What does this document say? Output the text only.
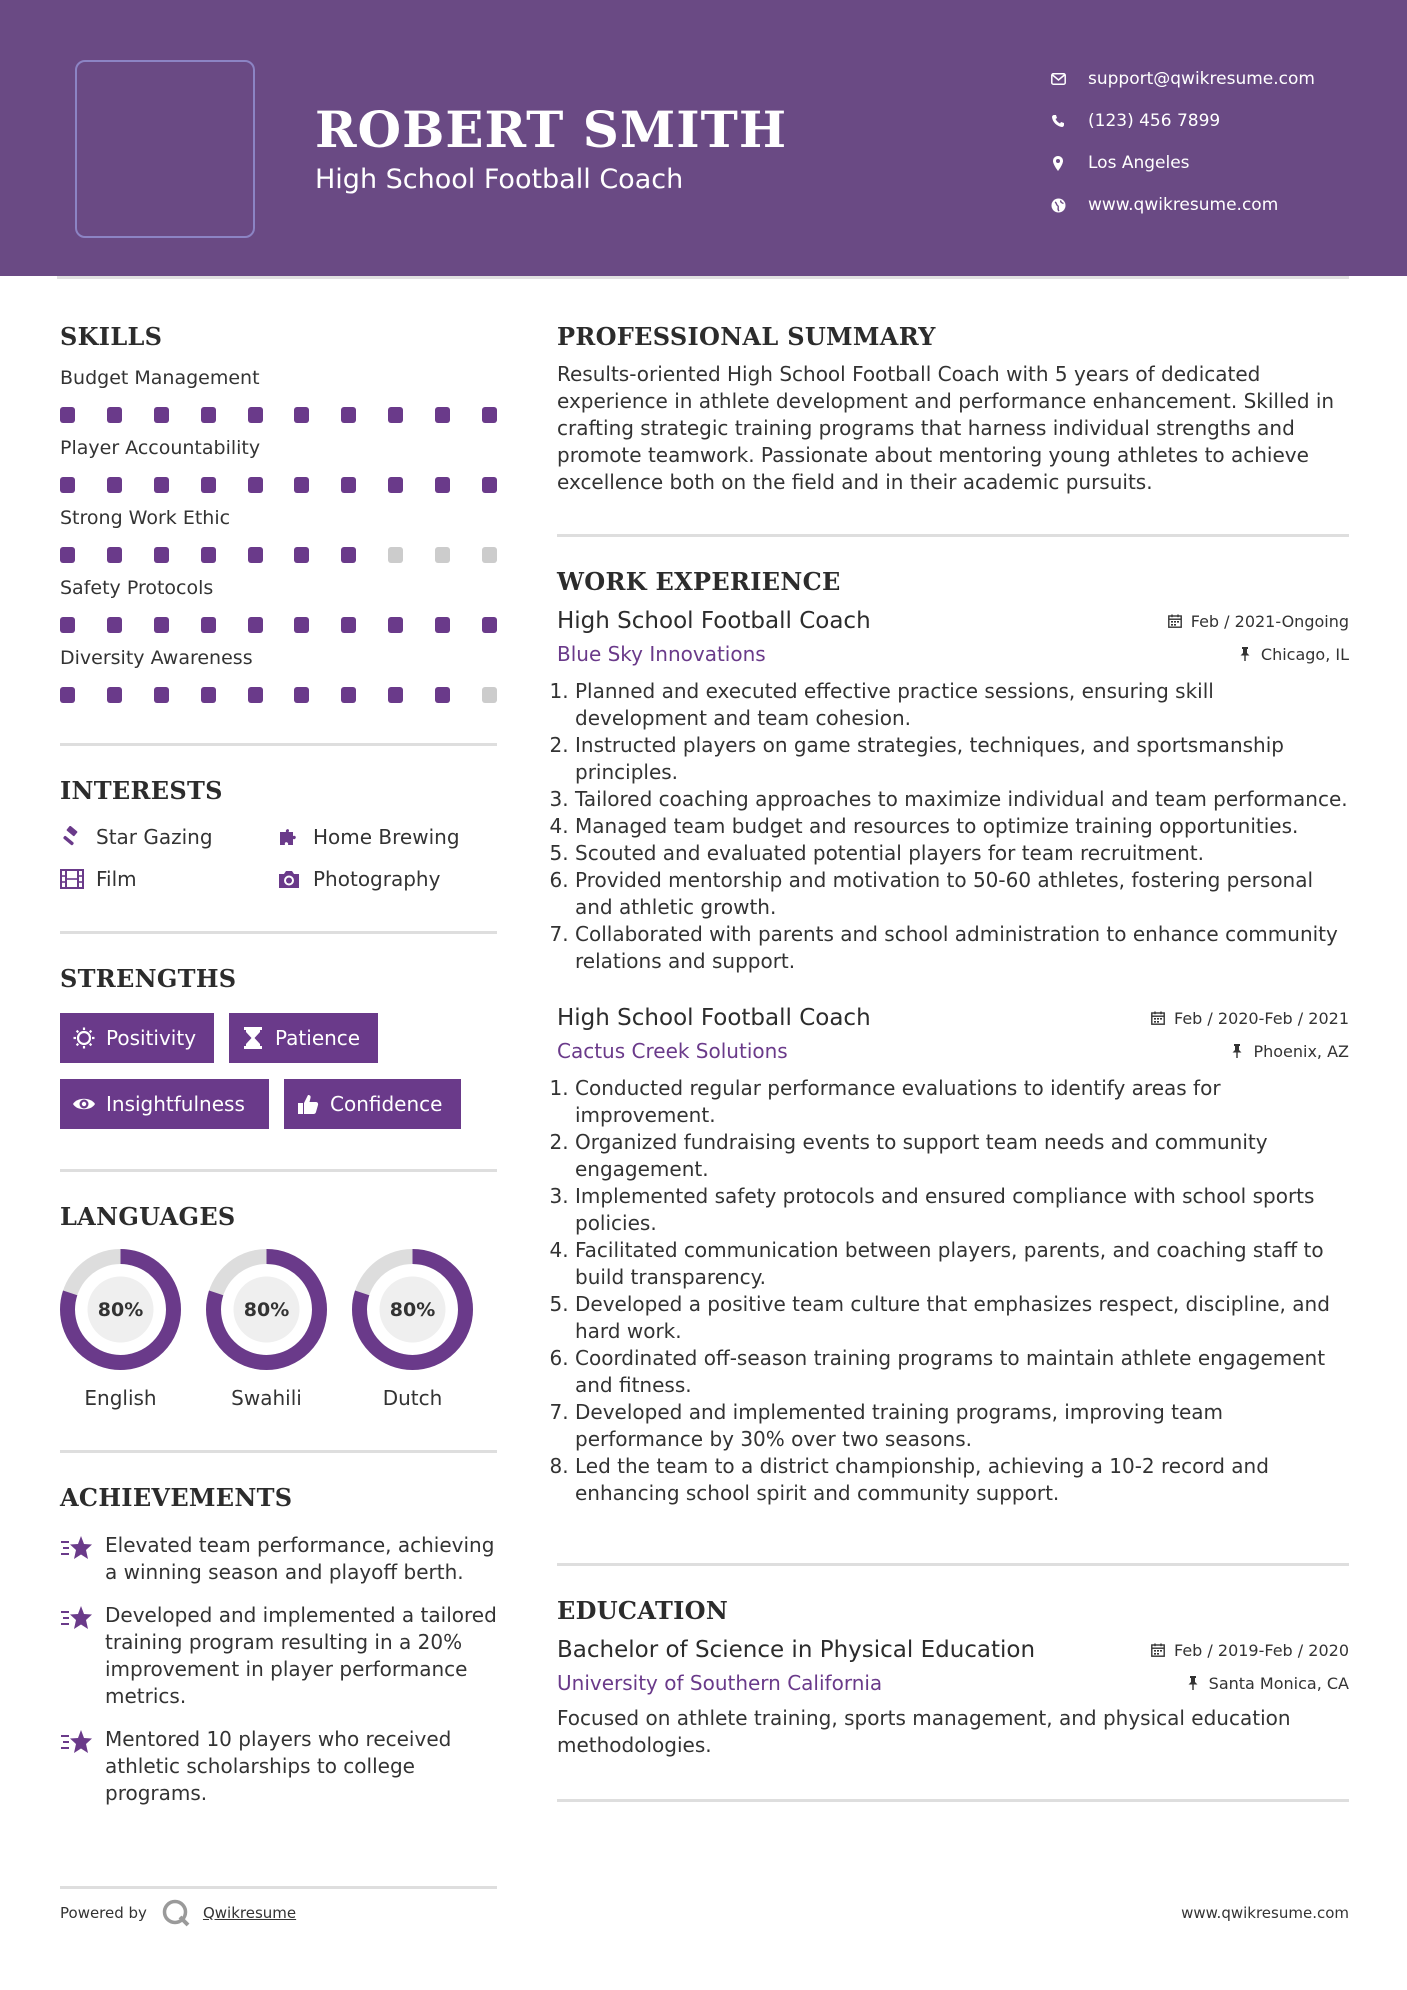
ROBERT SMITH
High School Football Coach
support@qwikresume.com
(123) 456 7899
Los Angeles
www.qwikresume.com
SKILLS
Budget Management
Player Accountability
Strong Work Ethic
Safety Protocols
Diversity Awareness
INTERESTS
Star Gazing	Home Brewing
Film	Photography
STRENGTHS
Positivity	Patience
Insightfulness	Confidence
LANGUAGES
80%
English
80%
Swahili
80%
Dutch
ACHIEVEMENTS
Elevated team performance, achieving a winning season and playoff berth.
Developed and implemented a tailored training program resulting in a 20% improvement in player performance metrics.
Mentored 10 players who received athletic scholarships to college programs.
PROFESSIONAL SUMMARY
Results-oriented High School Football Coach with 5 years of dedicated experience in athlete development and performance enhancement. Skilled in crafting strategic training programs that harness individual strengths and promote teamwork. Passionate about mentoring young athletes to achieve excellence both on the field and in their academic pursuits.
WORK EXPERIENCE
High School Football Coach	Feb / 2021-Ongoing
Blue Sky Innovations	Chicago, IL
1. Planned and executed effective practice sessions, ensuring skill development and team cohesion.
2. Instructed players on game strategies, techniques, and sportsmanship principles.
3. Tailored coaching approaches to maximize individual and team performance.
4. Managed team budget and resources to optimize training opportunities.
5. Scouted and evaluated potential players for team recruitment.
6. Provided mentorship and motivation to 50-60 athletes, fostering personal and athletic growth.
7. Collaborated with parents and school administration to enhance community relations and support.
High School Football Coach	Feb / 2020-Feb / 2021
Cactus Creek Solutions	Phoenix, AZ
1. Conducted regular performance evaluations to identify areas for improvement.
2. Organized fundraising events to support team needs and community engagement.
3. Implemented safety protocols and ensured compliance with school sports policies.
4. Facilitated communication between players, parents, and coaching staff to build transparency.
5. Developed a positive team culture that emphasizes respect, discipline, and hard work.
6. Coordinated off-season training programs to maintain athlete engagement and fitness.
7. Developed and implemented training programs, improving team performance by 30% over two seasons.
8. Led the team to a district championship, achieving a 10-2 record and enhancing school spirit and community support.
EDUCATION
Bachelor of Science in Physical Education	Feb / 2019-Feb / 2020
University of Southern California	Santa Monica, CA
Focused on athlete training, sports management, and physical education methodologies.
Powered by	Qwikresume	www.qwikresume.com
